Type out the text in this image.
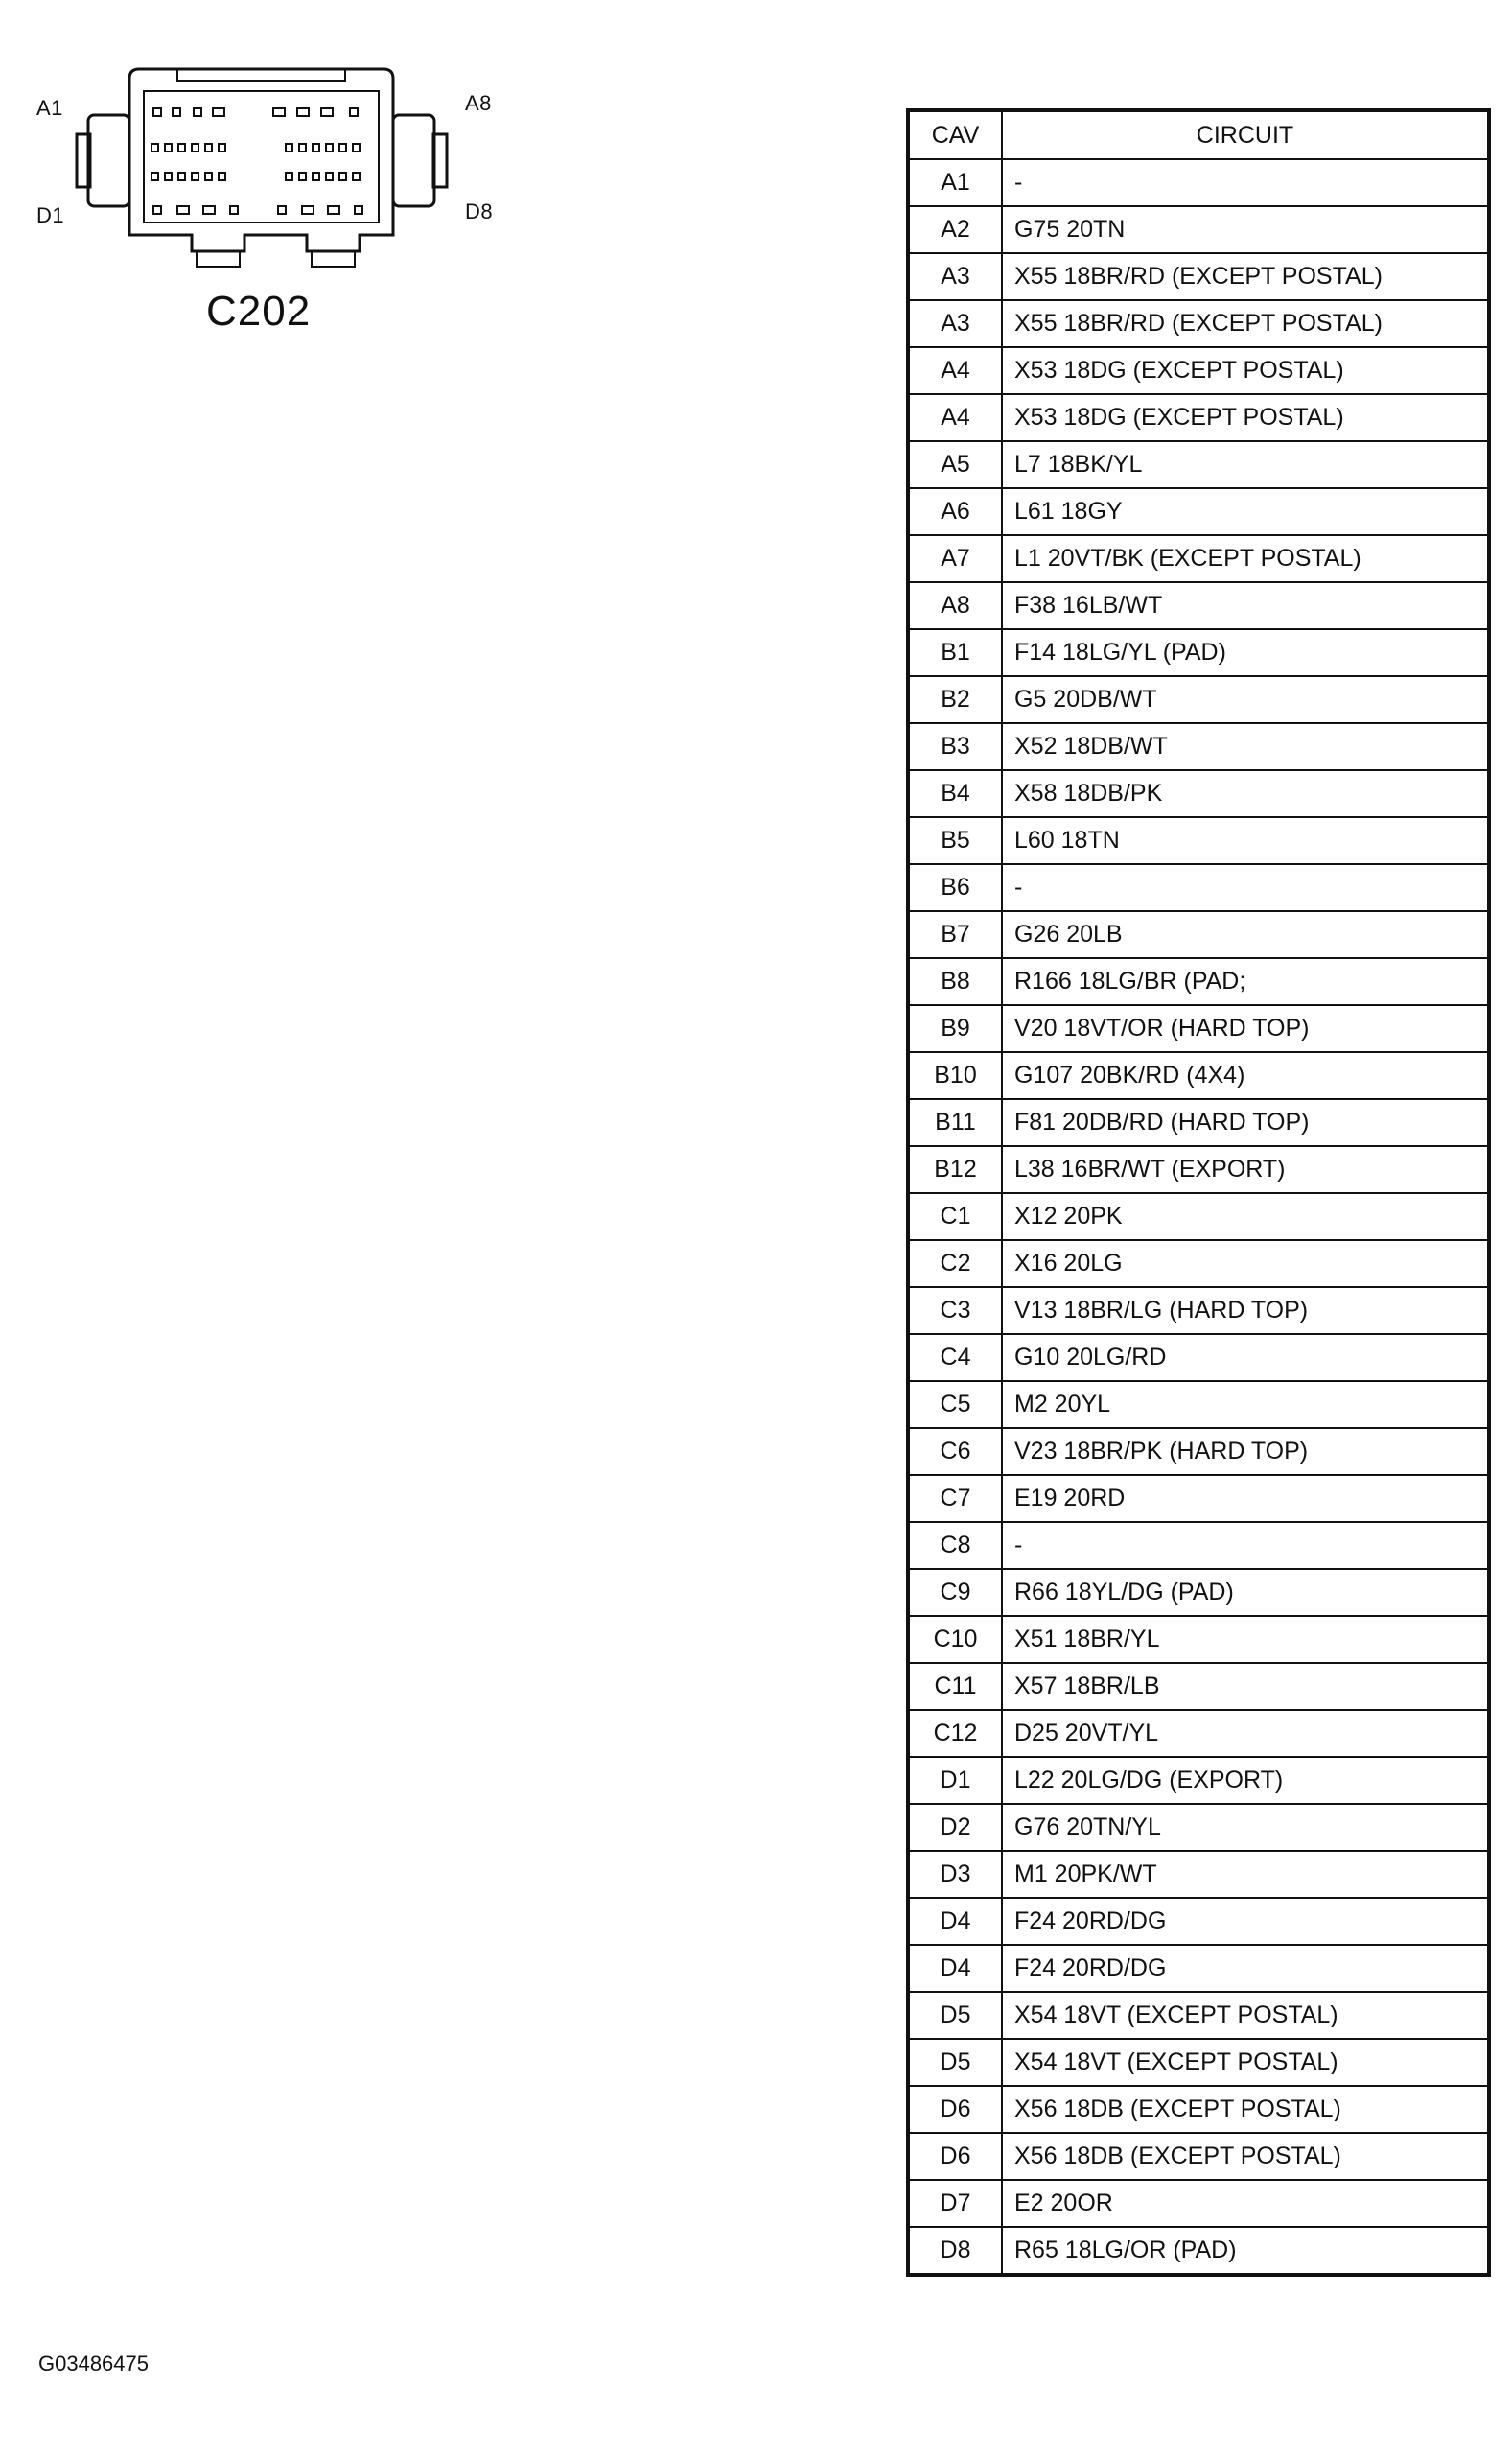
A1
D1
A8
D8
C202
CAV	CIRCUIT
A1	-
A2	G75 20TN
A3	X55 18BR/RD (EXCEPT POSTAL)
A3	X55 18BR/RD (EXCEPT POSTAL)
A4	X53 18DG (EXCEPT POSTAL)
A4	X53 18DG (EXCEPT POSTAL)
A5	L7 18BK/YL
A6	L61 18GY
A7	L1 20VT/BK (EXCEPT POSTAL)
A8	F38 16LB/WT
B1	F14 18LG/YL (PAD)
B2	G5 20DB/WT
B3	X52 18DB/WT
B4	X58 18DB/PK
B5	L60 18TN
B6	-
B7	G26 20LB
B8	R166 18LG/BR (PAD;
B9	V20 18VT/OR (HARD TOP)
B10	G107 20BK/RD (4X4)
B11	F81 20DB/RD (HARD TOP)
B12	L38 16BR/WT (EXPORT)
C1	X12 20PK
C2	X16 20LG
C3	V13 18BR/LG (HARD TOP)
C4	G10 20LG/RD
C5	M2 20YL
C6	V23 18BR/PK (HARD TOP)
C7	E19 20RD
C8	-
C9	R66 18YL/DG (PAD)
C10	X51 18BR/YL
C11	X57 18BR/LB
C12	D25 20VT/YL
D1	L22 20LG/DG (EXPORT)
D2	G76 20TN/YL
D3	M1 20PK/WT
D4	F24 20RD/DG
D4	F24 20RD/DG
D5	X54 18VT (EXCEPT POSTAL)
D5	X54 18VT (EXCEPT POSTAL)
D6	X56 18DB (EXCEPT POSTAL)
D6	X56 18DB (EXCEPT POSTAL)
D7	E2 20OR
D8	R65 18LG/OR (PAD)
G03486475
